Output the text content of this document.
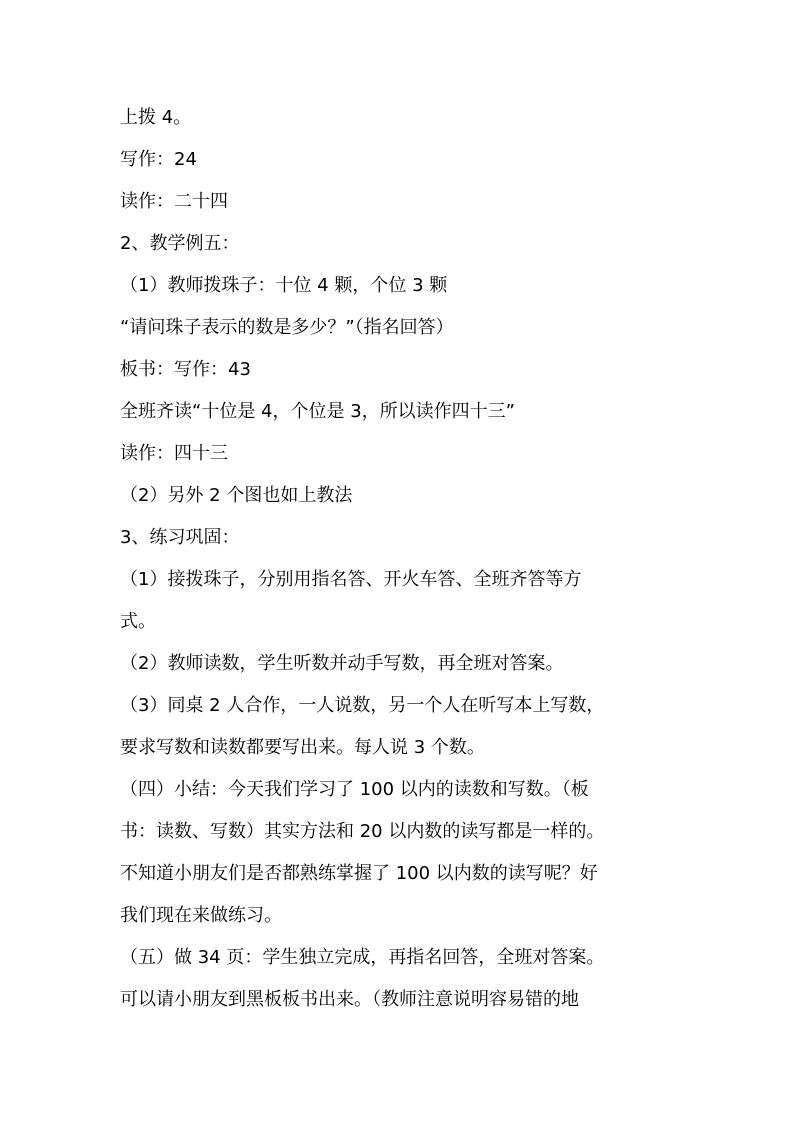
上拨 4。
写作：24
读作：二十四
2、教学例五：
（1）教师拨珠子：十位 4 颗，个位 3 颗
“请问珠子表示的数是多少？”（指名回答）
板书：写作：43
全班齐读“十位是 4，个位是 3，所以读作四十三”
读作：四十三
（2）另外 2 个图也如上教法
3、练习巩固：
（1）接拨珠子，分别用指名答、开火车答、全班齐答等方
式。
（2）教师读数，学生听数并动手写数，再全班对答案。
（3）同桌 2 人合作，一人说数，另一个人在听写本上写数，
要求写数和读数都要写出来。每人说 3 个数。
（四）小结：今天我们学习了 100 以内的读数和写数。（板
书：读数、写数）其实方法和 20 以内数的读写都是一样的。
不知道小朋友们是否都熟练掌握了 100 以内数的读写呢？好
我们现在来做练习。
（五）做 34 页：学生独立完成，再指名回答，全班对答案。
可以请小朋友到黑板板书出来。（教师注意说明容易错的地
